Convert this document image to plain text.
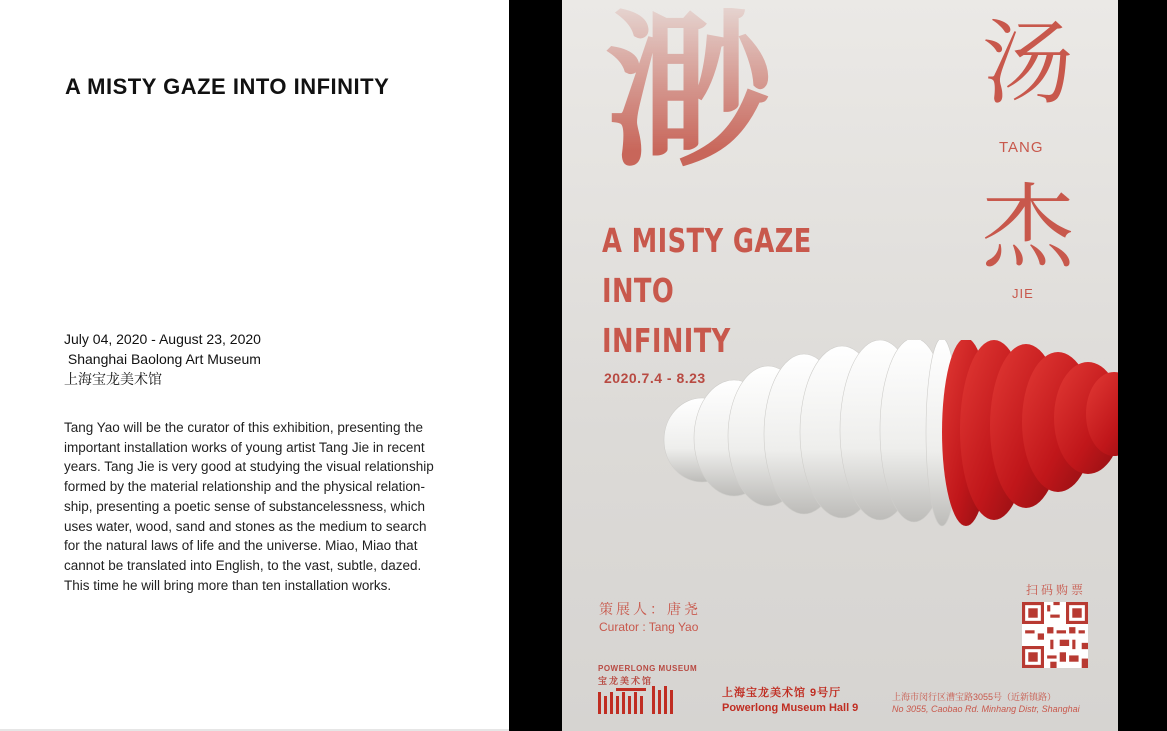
A MISTY GAZE INTO INFINITY
July 04, 2020 - August 23, 2020
Shanghai Baolong Art Museum
上海宝龙美术馆
Tang Yao will be the curator of this exhibition, presenting the
important installation works of young artist Tang Jie in recent
years. Tang Jie is very good at studying the visual relationship
formed by the material relationship and the physical relation-
ship, presenting a poetic sense of substancelessness, which
uses water, wood, sand and stones as the medium to search
for the natural laws of life and the universe. Miao, Miao that
cannot be translated into English, to the vast, subtle, dazed.
This time he will bring more than ten installation works.
渺 汤
TANG
杰
JIE
A MISTY GAZE
INTO
INFINITY
2020.7.4 - 8.23
策展人：唐尧
Curator : Tang Yao
扫码购票
POWERLONG MUSEUM
宝龙美术馆
上海宝龙美术馆 9号厅
Powerlong Museum Hall 9
上海市闵行区漕宝路3055号（近新镇路）
No 3055, Caobao Rd. Minhang Distr, Shanghai
